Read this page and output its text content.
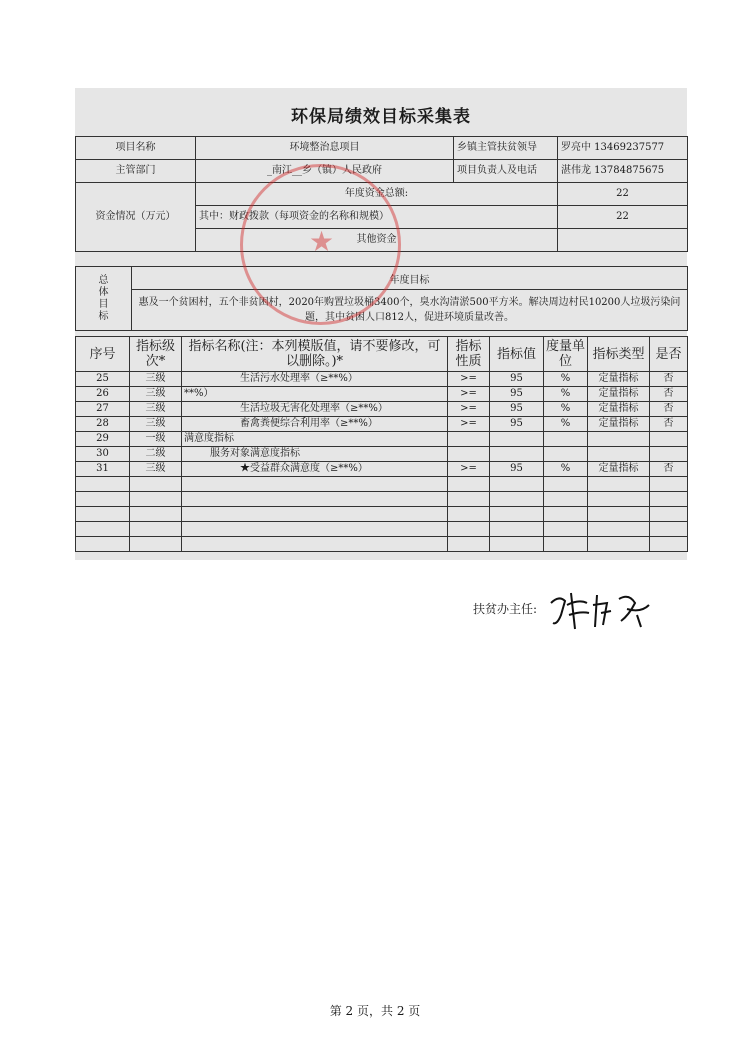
环保局绩效目标采集表
项目名称	环境整治息项目	乡镇主管扶贫领导	罗亮中 13469237577
主管部门	_南江__乡（镇）人民政府	项目负责人及电话	湛伟龙 13784875675
资金情况（万元）	年度资金总额:		22
	其中：财政拨款（每项资金的名称和规模）		22
	其他资金		
总体目标	年度目标
惠及一个贫困村，五个非贫困村，2020年购置垃圾桶3400个，臭水沟清淤500平方米。解决周边村民10200人垃圾污染问题，其中贫困人口812人，促进环境质量改善。
序号	指标级次*	指标名称(注：本列模版值，请不要修改，可以删除。)*	指标性质	指标值	度量单位	指标类型	是否
25	三级	生活污水处理率（≥**%）	>=	95	%	定量指标	否
26	三级	**%）	>=	95	%	定量指标	否
27	三级	生活垃圾无害化处理率（≥**%）	>=	95	%	定量指标	否
28	三级	畜禽粪便综合利用率（≥**%）	>=	95	%	定量指标	否
29	一级	满意度指标					
30	二级	服务对象满意度指标					
31	三级	★受益群众满意度（≥**%）	>=	95	%	定量指标	否

★
扶贫办主任:
第 2 页，共 2 页
